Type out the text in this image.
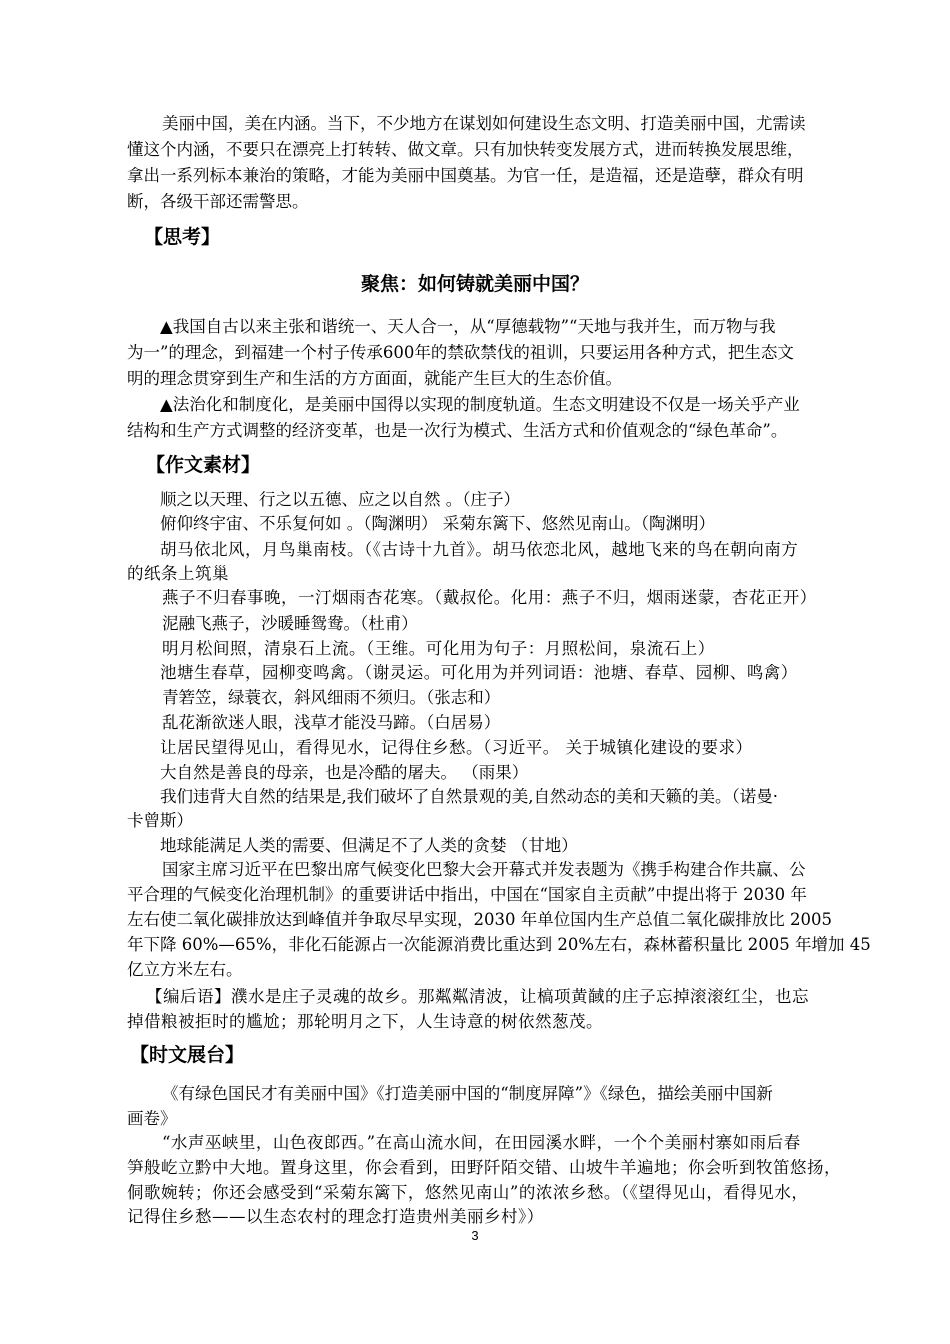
美丽中国，美在内涵。当下，不少地方在谋划如何建设生态文明、打造美丽中国，尤需读

懂这个内涵，不要只在漂亮上打转转、做文章。只有加快转变发展方式，进而转换发展思维，

拿出一系列标本兼治的策略，才能为美丽中国奠基。为官一任，是造福，还是造孽，群众有明

断，各级干部还需警思。

【思考】

聚焦：如何铸就美丽中国？

▲我国自古以来主张和谐统一、天人合一，从“厚德载物”“天地与我并生，而万物与我

为一”的理念，到福建一个村子传承600年的禁砍禁伐的祖训，只要运用各种方式，把生态文

明的理念贯穿到生产和生活的方方面面，就能产生巨大的生态价值。

▲法治化和制度化，是美丽中国得以实现的制度轨道。生态文明建设不仅是一场关乎产业

结构和生产方式调整的经济变革，也是一次行为模式、生活方式和价值观念的“绿色革命”。

【作文素材】

顺之以天理、行之以五德、应之以自然 。（庄子）

俯仰终宇宙、不乐复何如 。（陶渊明） 采菊东篱下、悠然见南山。（陶渊明）

胡马依北风，月鸟巢南枝。（《古诗十九首》。胡马依恋北风，越地飞来的鸟在朝向南方

的纸条上筑巢

燕子不归春事晚，一汀烟雨杏花寒。（戴叔伦。化用：燕子不归，烟雨迷蒙，杏花正开）

泥融飞燕子，沙暖睡鸳鸯。（杜甫）

明月松间照，清泉石上流。（王维。可化用为句子：月照松间，泉流石上）

池塘生春草，园柳变鸣禽。（谢灵运。可化用为并列词语：池塘、春草、园柳、鸣禽）

青箬笠，绿蓑衣，斜风细雨不须归。（张志和）

乱花渐欲迷人眼，浅草才能没马蹄。（白居易）

让居民望得见山，看得见水，记得住乡愁。（习近平。 关于城镇化建设的要求）

大自然是善良的母亲，也是冷酷的屠夫。 （雨果）

我们违背大自然的结果是,我们破坏了自然景观的美,自然动态的美和天籁的美。（诺曼·

卡曾斯）

地球能满足人类的需要、但满足不了人类的贪婪 （甘地）

国家主席习近平在巴黎出席气候变化巴黎大会开幕式并发表题为《携手构建合作共赢、公

平合理的气候变化治理机制》的重要讲话中指出，中国在“国家自主贡献”中提出将于 2030 年

左右使二氧化碳排放达到峰值并争取尽早实现，2030 年单位国内生产总值二氧化碳排放比 2005

年下降 60%—65%，非化石能源占一次能源消费比重达到 20%左右，森林蓄积量比 2005 年增加 45

亿立方米左右。

【编后语】濮水是庄子灵魂的故乡。那粼粼清波，让槁项黄馘的庄子忘掉滚滚红尘，也忘

掉借粮被拒时的尴尬；那轮明月之下，人生诗意的树依然葱茂。

【时文展台】

《有绿色国民才有美丽中国》《打造美丽中国的“制度屏障”》《绿色，描绘美丽中国新

画卷》

“水声巫峡里，山色夜郎西。”在高山流水间，在田园溪水畔，一个个美丽村寨如雨后春

笋般屹立黔中大地。置身这里，你会看到，田野阡陌交错、山坡牛羊遍地；你会听到牧笛悠扬，

侗歌婉转；你还会感受到“采菊东篱下，悠然见南山”的浓浓乡愁。（《望得见山，看得见水，

记得住乡愁——以生态农村的理念打造贵州美丽乡村》）

3
